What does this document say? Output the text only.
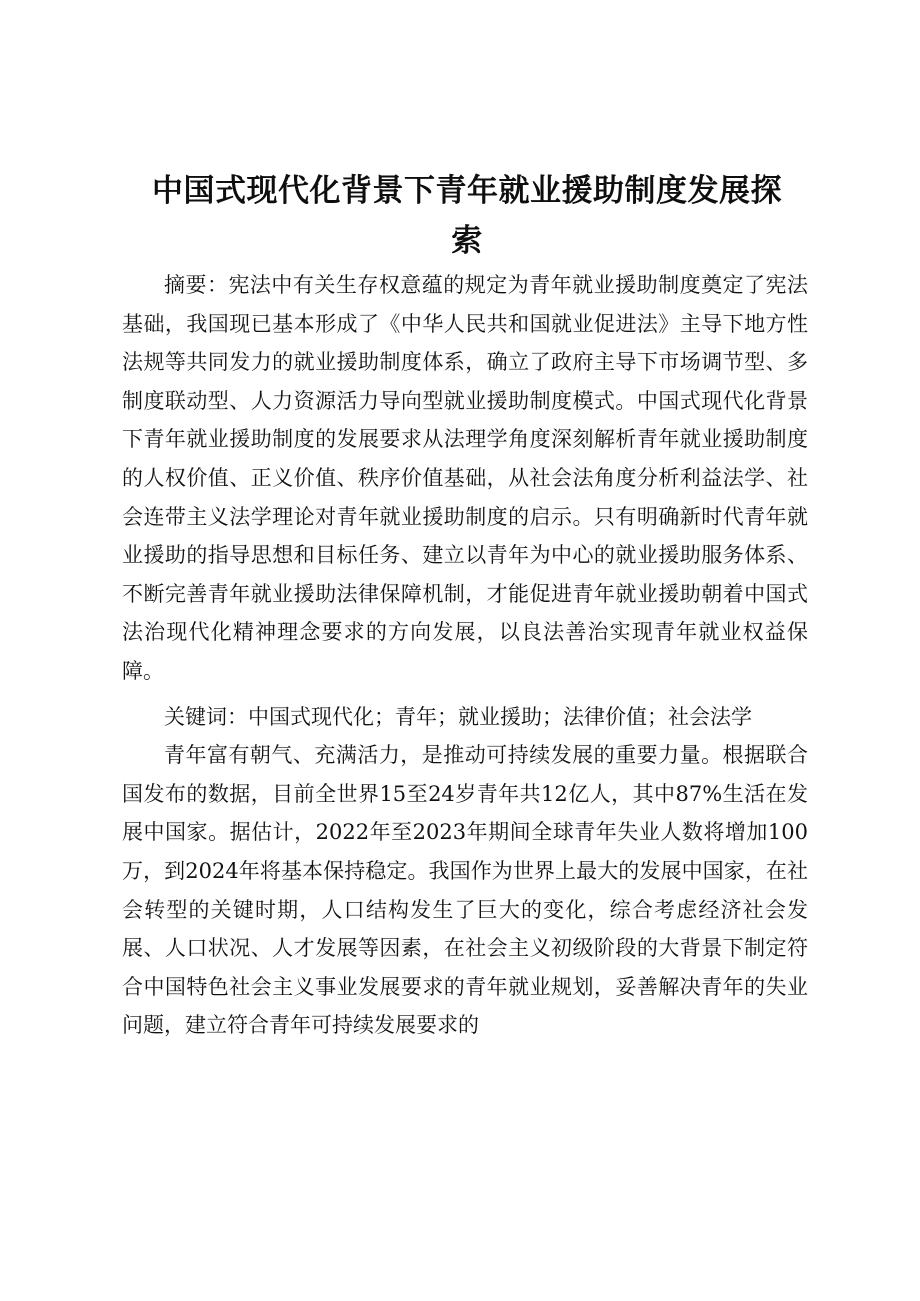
中国式现代化背景下青年就业援助制度发展探
索

摘要：宪法中有关生存权意蕴的规定为青年就业援助制度奠定了宪法基础，我国现已基本形成了《中华人民共和国就业促进法》主导下地方性法规等共同发力的就业援助制度体系，确立了政府主导下市场调节型、多制度联动型、人力资源活力导向型就业援助制度模式。中国式现代化背景下青年就业援助制度的发展要求从法理学角度深刻解析青年就业援助制度的人权价值、正义价值、秩序价值基础，从社会法角度分析利益法学、社会连带主义法学理论对青年就业援助制度的启示。只有明确新时代青年就业援助的指导思想和目标任务、建立以青年为中心的就业援助服务体系、不断完善青年就业援助法律保障机制，才能促进青年就业援助朝着中国式法治现代化精神理念要求的方向发展，以良法善治实现青年就业权益保障。

关键词：中国式现代化；青年；就业援助；法律价值；社会法学

青年富有朝气、充满活力，是推动可持续发展的重要力量。根据联合国发布的数据，目前全世界15至24岁青年共12亿人，其中87%生活在发展中国家。据估计，2022年至2023年期间全球青年失业人数将增加100万，到2024年将基本保持稳定。我国作为世界上最大的发展中国家，在社会转型的关键时期，人口结构发生了巨大的变化，综合考虑经济社会发展、人口状况、人才发展等因素，在社会主义初级阶段的大背景下制定符合中国特色社会主义事业发展要求的青年就业规划，妥善解决青年的失业问题，建立符合青年可持续发展要求的
